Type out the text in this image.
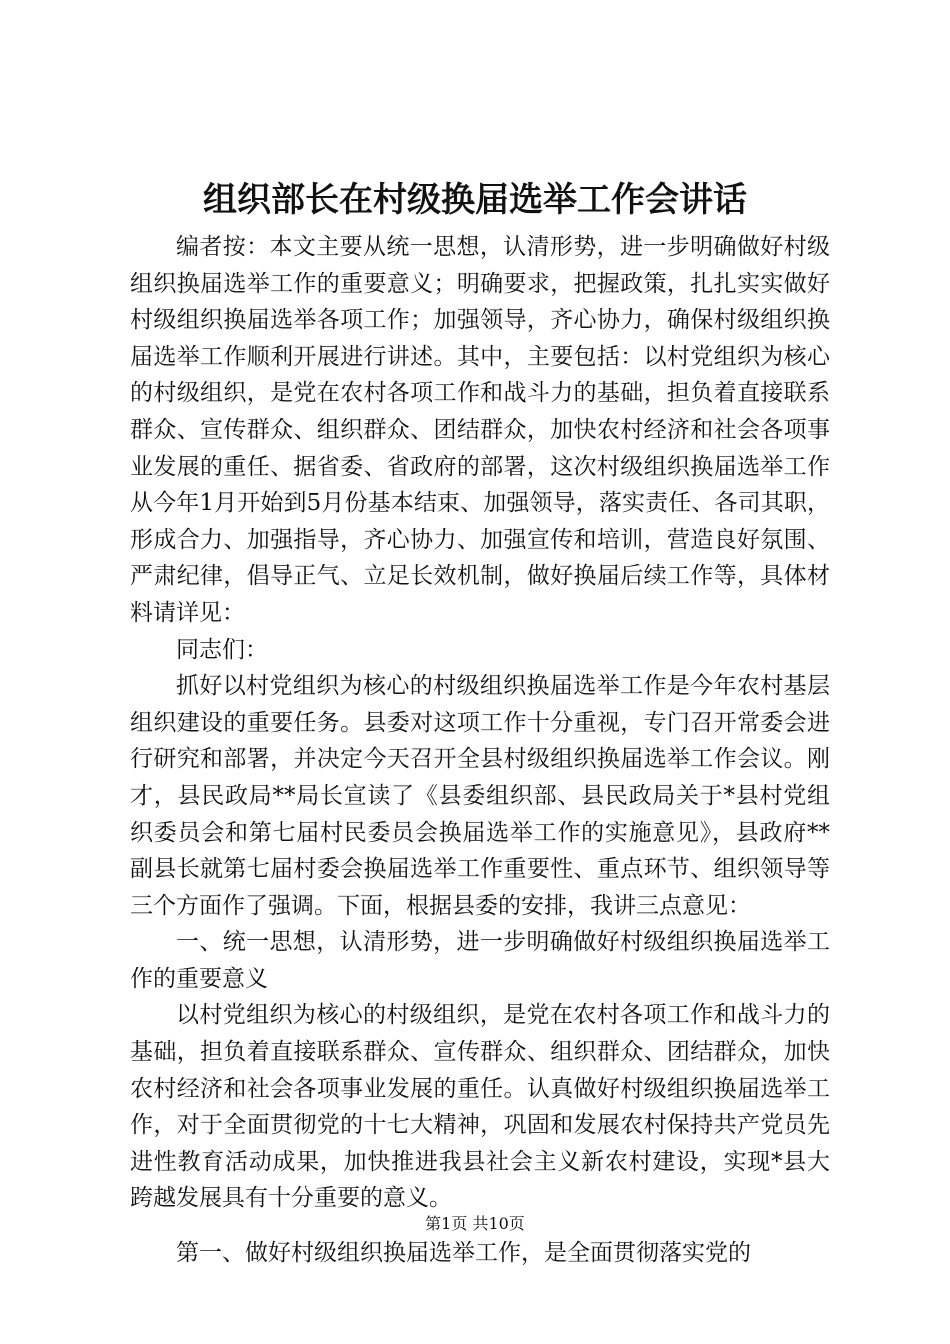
组织部长在村级换届选举工作会讲话

编者按：本文主要从统一思想，认清形势，进一步明确做好村级组织换届选举工作的重要意义；明确要求，把握政策，扎扎实实做好村级组织换届选举各项工作；加强领导，齐心协力，确保村级组织换届选举工作顺利开展进行讲述。其中，主要包括：以村党组织为核心的村级组织，是党在农村各项工作和战斗力的基础，担负着直接联系群众、宣传群众、组织群众、团结群众，加快农村经济和社会各项事业发展的重任、据省委、省政府的部署，这次村级组织换届选举工作从今年1月开始到5月份基本结束、加强领导，落实责任、各司其职，形成合力、加强指导，齐心协力、加强宣传和培训，营造良好氛围、严肃纪律，倡导正气、立足长效机制，做好换届后续工作等，具体材料请详见：

同志们：

抓好以村党组织为核心的村级组织换届选举工作是今年农村基层组织建设的重要任务。县委对这项工作十分重视，专门召开常委会进行研究和部署，并决定今天召开全县村级组织换届选举工作会议。刚才，县民政局**局长宣读了《县委组织部、县民政局关于*县村党组织委员会和第七届村民委员会换届选举工作的实施意见》，县政府**副县长就第七届村委会换届选举工作重要性、重点环节、组织领导等三个方面作了强调。下面，根据县委的安排，我讲三点意见：

一、统一思想，认清形势，进一步明确做好村级组织换届选举工作的重要意义

以村党组织为核心的村级组织，是党在农村各项工作和战斗力的基础，担负着直接联系群众、宣传群众、组织群众、团结群众，加快农村经济和社会各项事业发展的重任。认真做好村级组织换届选举工作，对于全面贯彻党的十七大精神，巩固和发展农村保持共产党员先进性教育活动成果，加快推进我县社会主义新农村建设，实现*县大跨越发展具有十分重要的意义。

第一、做好村级组织换届选举工作，是全面贯彻落实党的

第1页 共10页
